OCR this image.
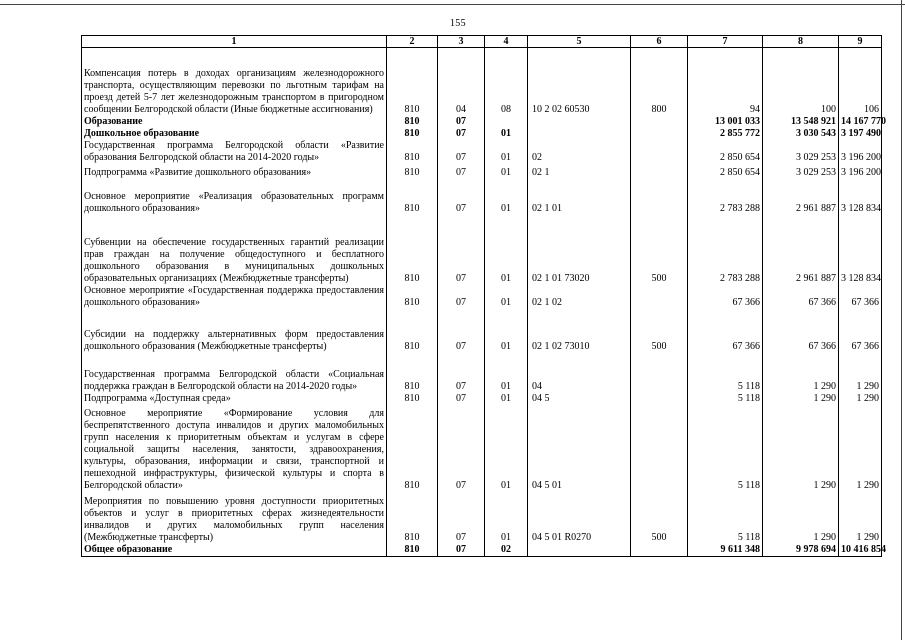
155
1	2	3	4	5	6	7	8	9
Компенсация потерь в доходах организациям железнодорожного транспорта, осуществляющим перевозки по льготным тарифам на проезд детей 5-7 лет железнодорожным транспортом в пригородном сообщении Белгородской области (Иные бюджетные ассигнования)	810	04	08	10 2 02 60530	800	94	100	106
Образование	810	07				13 001 033	13 548 921	14 167 770
Дошкольное образование	810	07	01			2 855 772	3 030 543	3 197 490
Государственная программа Белгородской области «Развитие образования Белгородской области на 2014-2020 годы»	810	07	01	02		2 850 654	3 029 253	3 196 200
Подпрограмма «Развитие дошкольного образования»	810	07	01	02 1		2 850 654	3 029 253	3 196 200
Основное мероприятие «Реализация образовательных программ дошкольного образования»	810	07	01	02 1 01		2 783 288	2 961 887	3 128 834
Субвенции на обеспечение государственных гарантий реализации прав граждан на получение общедоступного и бесплатного дошкольного образования в муниципальных дошкольных образовательных организациях (Межбюджетные трансферты)	810	07	01	02 1 01 73020	500	2 783 288	2 961 887	3 128 834
Основное мероприятие «Государственная поддержка предоставления дошкольного образования»	810	07	01	02 1 02		67 366	67 366	67 366
Субсидии на поддержку альтернативных форм предоставления дошкольного образования (Межбюджетные трансферты)	810	07	01	02 1 02 73010	500	67 366	67 366	67 366
Государственная программа Белгородской области «Социальная поддержка граждан в Белгородской области на 2014-2020 годы»	810	07	01	04		5 118	1 290	1 290
Подпрограмма «Доступная среда»	810	07	01	04 5		5 118	1 290	1 290
Основное мероприятие «Формирование условия для беспрепятственного доступа инвалидов и других маломобильных групп населения к приоритетным объектам и услугам в сфере социальной защиты населения, занятости, здравоохранения, культуры, образования, информации и связи, транспортной и пешеходной инфраструктуры, физической культуры и спорта в Белгородской области»	810	07	01	04 5 01		5 118	1 290	1 290
Мероприятия по повышению уровня доступности приоритетных объектов и услуг в приоритетных сферах жизнедеятельности инвалидов и других маломобильных групп населения (Межбюджетные трансферты)	810	07	01	04 5 01 R0270	500	5 118	1 290	1 290
Общее образование	810	07	02			9 611 348	9 978 694	10 416 854
